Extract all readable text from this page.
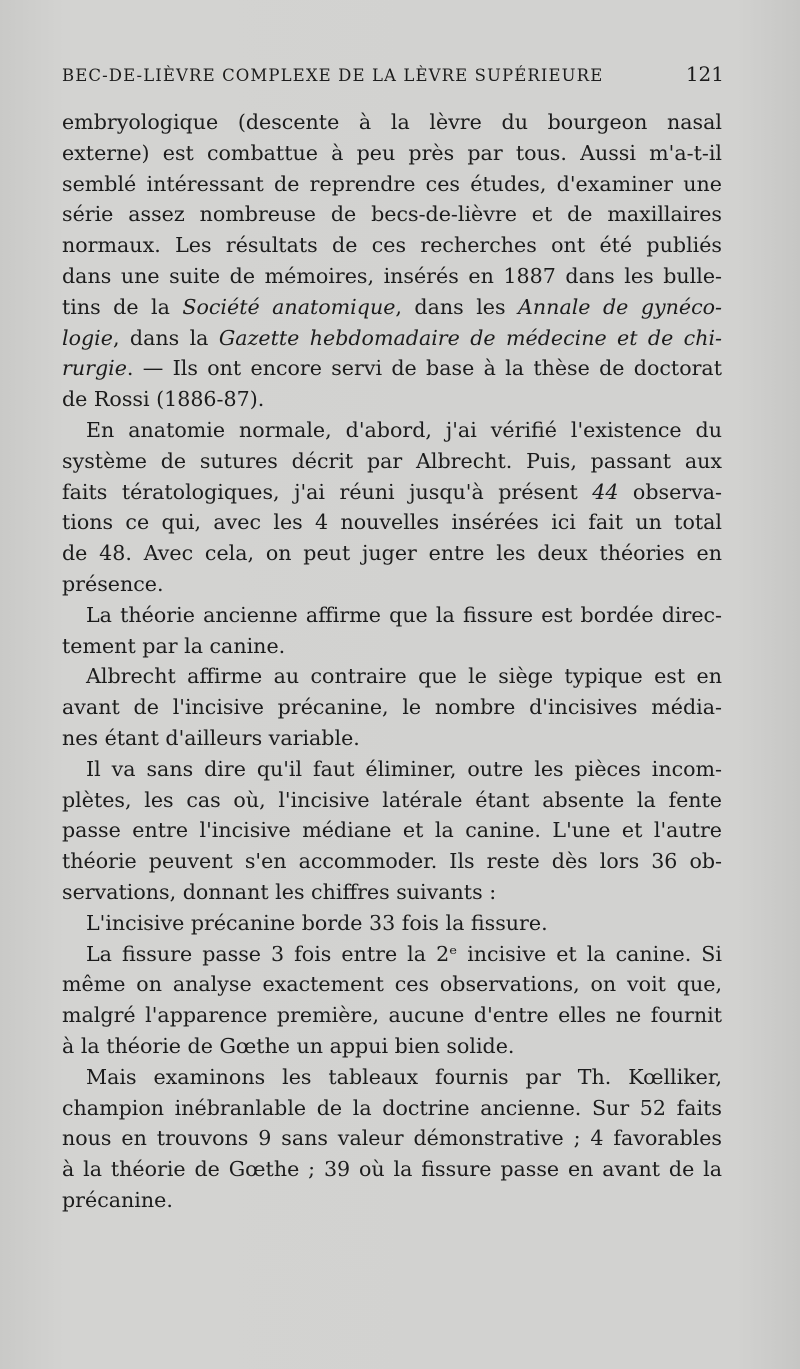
BEC-DE-LIÈVRE COMPLEXE DE LA LÈVRE SUPÉRIEURE	121
embryologique (descente à la lèvre du bourgeon nasal
externe) est combattue à peu près par tous. Aussi m'a-t-il
semblé intéressant de reprendre ces études, d'examiner une
série assez nombreuse de becs-de-lièvre et de maxillaires
normaux. Les résultats de ces recherches ont été publiés
dans une suite de mémoires, insérés en 1887 dans les bulle-
tins de la Société anatomique, dans les Annale de gynéco-
logie, dans la Gazette hebdomadaire de médecine et de chi-
rurgie. — Ils ont encore servi de base à la thèse de doctorat
de Rossi (1886-87).
En anatomie normale, d'abord, j'ai vérifié l'existence du
système de sutures décrit par Albrecht. Puis, passant aux
faits tératologiques, j'ai réuni jusqu'à présent 44 observa-
tions ce qui, avec les 4 nouvelles insérées ici fait un total
de 48. Avec cela, on peut juger entre les deux théories en
présence.
La théorie ancienne affirme que la fissure est bordée direc-
tement par la canine.
Albrecht affirme au contraire que le siège typique est en
avant de l'incisive précanine, le nombre d'incisives média-
nes étant d'ailleurs variable.
Il va sans dire qu'il faut éliminer, outre les pièces incom-
plètes, les cas où, l'incisive latérale étant absente la fente
passe entre l'incisive médiane et la canine. L'une et l'autre
théorie peuvent s'en accommoder. Ils reste dès lors 36 ob-
servations, donnant les chiffres suivants :
L'incisive précanine borde 33 fois la fissure.
La fissure passe 3 fois entre la 2ᵉ incisive et la canine. Si
même on analyse exactement ces observations, on voit que,
malgré l'apparence première, aucune d'entre elles ne fournit
à la théorie de Gœthe un appui bien solide.
Mais examinons les tableaux fournis par Th. Kœlliker,
champion inébranlable de la doctrine ancienne. Sur 52 faits
nous en trouvons 9 sans valeur démonstrative ; 4 favorables
à la théorie de Gœthe ; 39 où la fissure passe en avant de la
précanine.
